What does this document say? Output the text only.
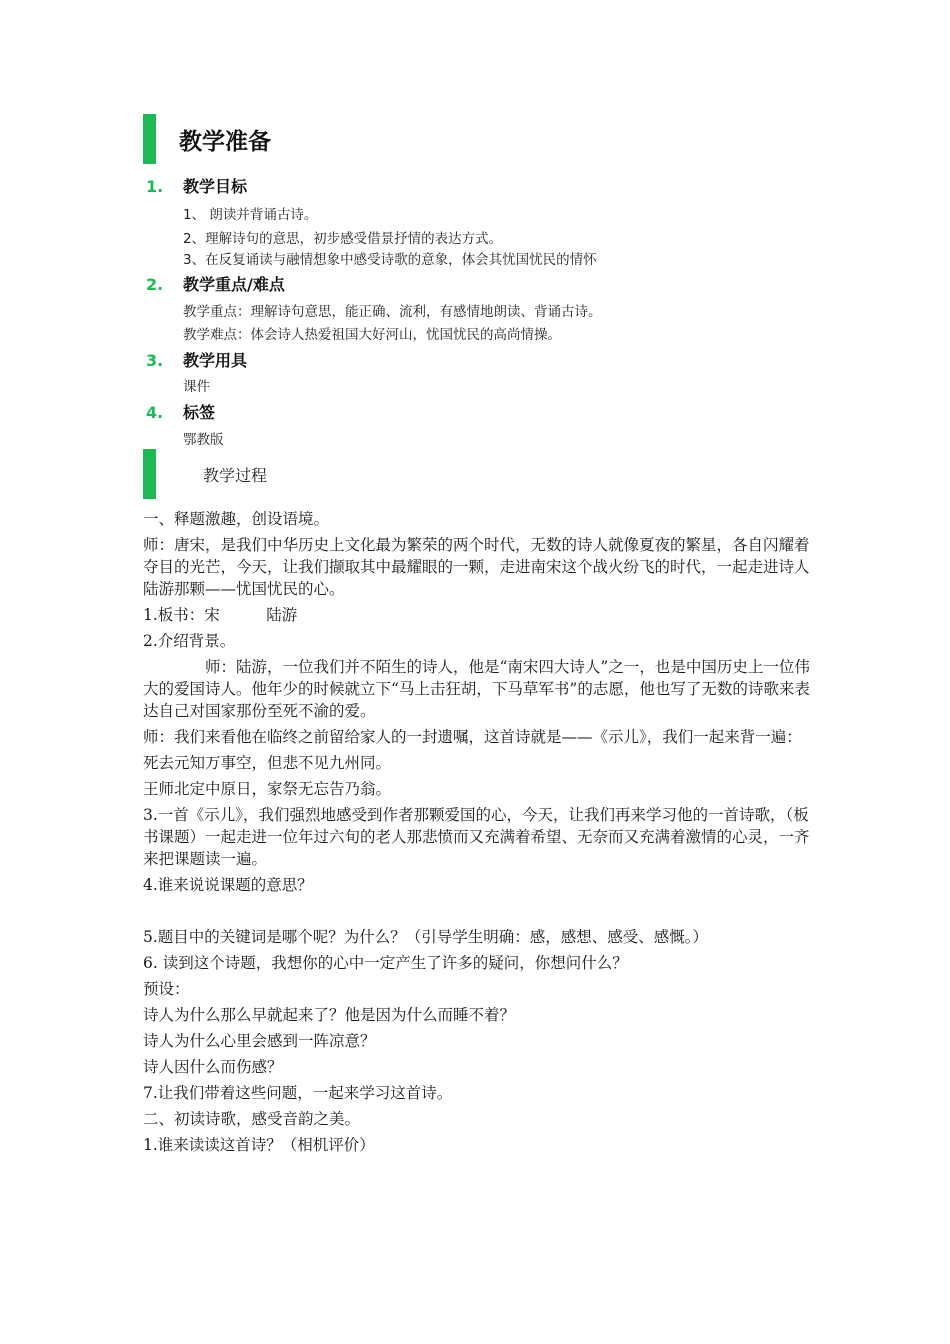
教学准备
1.	教学目标
1、 朗读并背诵古诗。
2、理解诗句的意思，初步感受借景抒情的表达方式。
3、在反复诵读与融情想象中感受诗歌的意象，体会其忧国忧民的情怀
2.	教学重点/难点
教学重点：理解诗句意思，能正确、流利，有感情地朗读、背诵古诗。
教学难点：体会诗人热爱祖国大好河山，忧国忧民的高尚情操。
3.	教学用具
课件
4.	标签
鄂教版
教学过程

一、释题激趣，创设语境。

师：唐宋，是我们中华历史上文化最为繁荣的两个时代，无数的诗人就像夏夜的繁星，各自闪耀着夺目的光芒，今天，让我们撷取其中最耀眼的一颗，走进南宋这个战火纷飞的时代，一起走进诗人陆游那颗——忧国忧民的心。

1.板书：宋　　　陆游

2.介绍背景。

师：陆游，一位我们并不陌生的诗人，他是“南宋四大诗人”之一，也是中国历史上一位伟大的爱国诗人。他年少的时候就立下“马上击狂胡，下马草军书”的志愿，他也写了无数的诗歌来表达自己对国家那份至死不渝的爱。

师：我们来看他在临终之前留给家人的一封遗嘱，这首诗就是——《示儿》，我们一起来背一遍：

死去元知万事空，但悲不见九州同。

王师北定中原日，家祭无忘告乃翁。

3.一首《示儿》，我们强烈地感受到作者那颗爱国的心，今天，让我们再来学习他的一首诗歌，（板书课题）一起走进一位年过六旬的老人那悲愤而又充满着希望、无奈而又充满着激情的心灵，一齐来把课题读一遍。

4.谁来说说课题的意思？

5.题目中的关键词是哪个呢？为什么？（引导学生明确：感，感想、感受、感慨。）

6. 读到这个诗题，我想你的心中一定产生了许多的疑问，你想问什么？

预设：

诗人为什么那么早就起来了？他是因为什么而睡不着？

诗人为什么心里会感到一阵凉意？

诗人因什么而伤感？

7.让我们带着这些问题，一起来学习这首诗。

二、初读诗歌，感受音韵之美。

1.谁来读读这首诗？（相机评价）
